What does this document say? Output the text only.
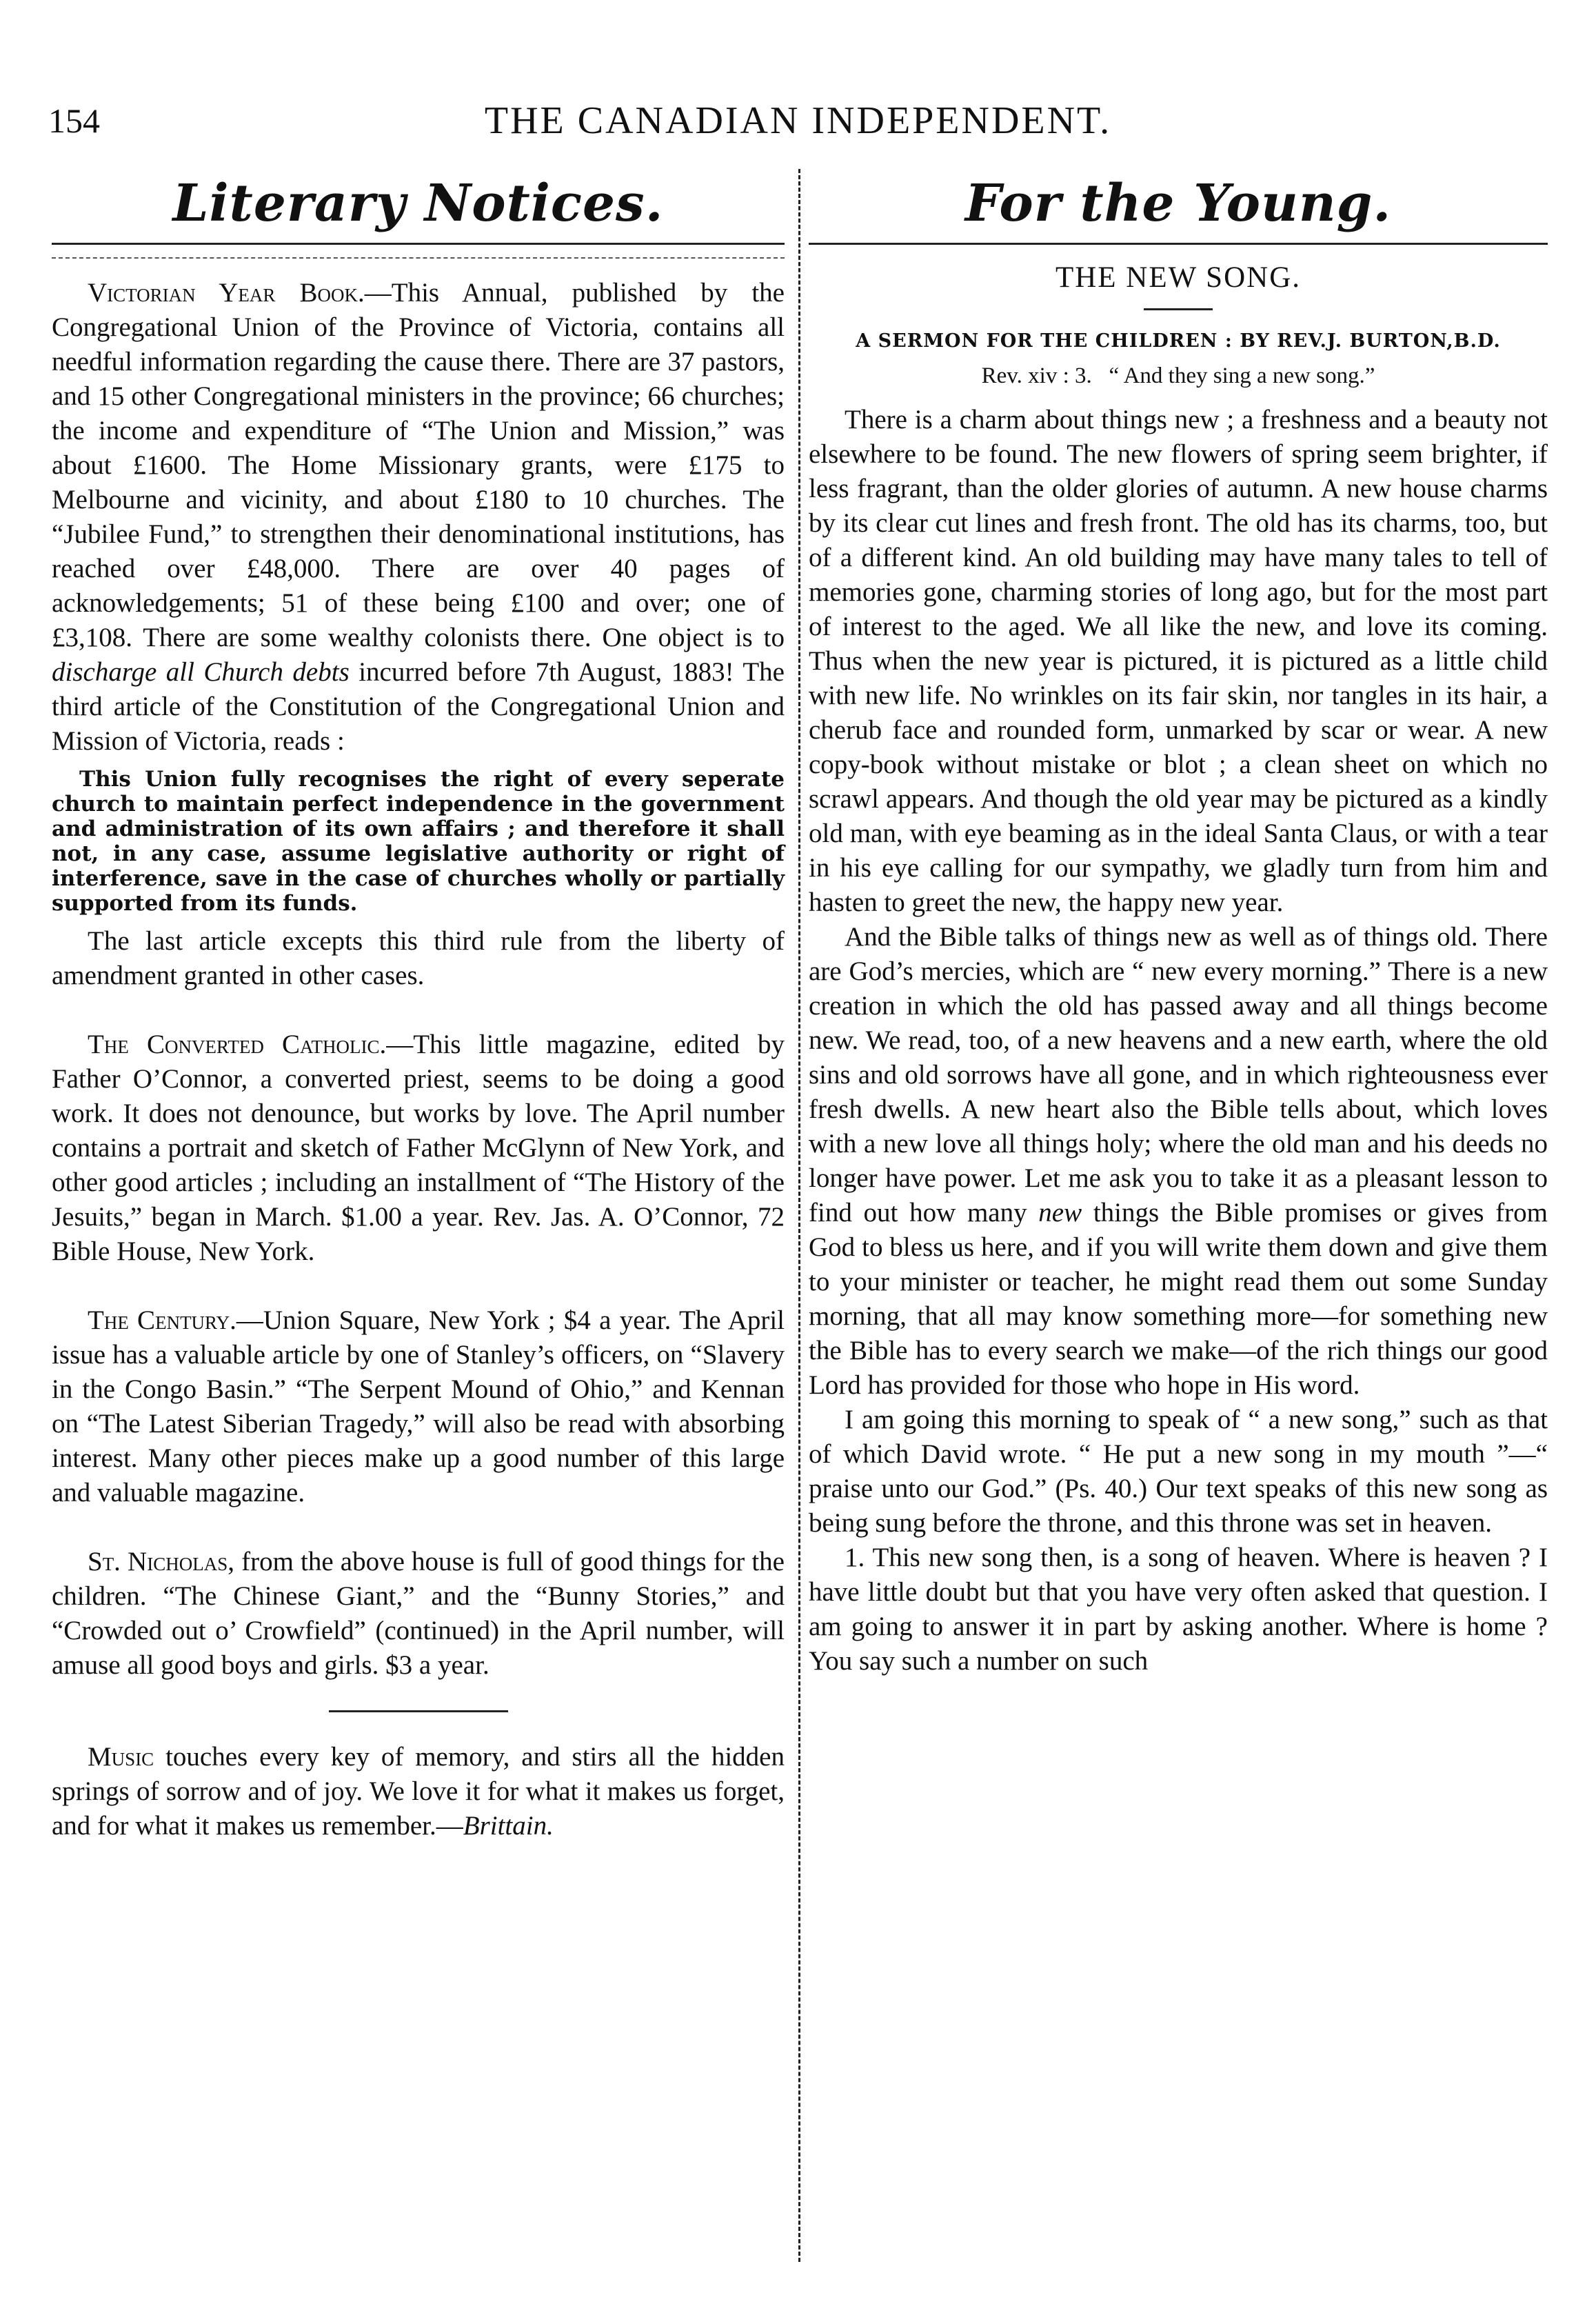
154	THE CANADIAN INDEPENDENT.
Literary Notices.

Victorian Year Book.—This Annual, published by the Congregational Union of the Province of Victoria, contains all needful information regarding the cause there. There are 37 pastors, and 15 other Congregational ministers in the province; 66 churches; the income and expenditure of “The Union and Mission,” was about £1600. The Home Missionary grants, were £175 to Melbourne and vicinity, and about £180 to 10 churches. The “Jubilee Fund,” to strengthen their denominational institutions, has reached over £48,000. There are over 40 pages of acknowledgements; 51 of these being £100 and over; one of £3,108. There are some wealthy colonists there. One object is to discharge all Church debts incurred before 7th August, 1883! The third article of the Constitution of the Congregational Union and Mission of Victoria, reads :

This Union fully recognises the right of every seperate church to maintain perfect independence in the government and administration of its own affairs ; and therefore it shall not, in any case, assume legislative authority or right of interference, save in the case of churches wholly or partially supported from its funds.

The last article excepts this third rule from the liberty of amendment granted in other cases.

The Converted Catholic.—This little magazine, edited by Father O’Connor, a converted priest, seems to be doing a good work. It does not denounce, but works by love. The April number contains a portrait and sketch of Father McGlynn of New York, and other good articles ; including an installment of “The History of the Jesuits,” began in March. $1.00 a year. Rev. Jas. A. O’Connor, 72 Bible House, New York.

The Century.—Union Square, New York ; $4 a year. The April issue has a valuable article by one of Stanley’s officers, on “Slavery in the Congo Basin.” “The Serpent Mound of Ohio,” and Kennan on “The Latest Siberian Tragedy,” will also be read with absorbing interest. Many other pieces make up a good number of this large and valuable magazine.

St. Nicholas, from the above house is full of good things for the children. “The Chinese Giant,” and the “Bunny Stories,” and “Crowded out o’ Crowfield” (continued) in the April number, will amuse all good boys and girls. $3 a year.

Music touches every key of memory, and stirs all the hidden springs of sorrow and of joy. We love it for what it makes us forget, and for what it makes us remember.—Brittain.

For the Young.
THE NEW SONG.
A SERMON FOR THE CHILDREN : BY REV.J. BURTON,B.D.
Rev. xiv : 3. “ And they sing a new song.”

There is a charm about things new ; a freshness and a beauty not elsewhere to be found. The new flowers of spring seem brighter, if less fragrant, than the older glories of autumn. A new house charms by its clear cut lines and fresh front. The old has its charms, too, but of a different kind. An old building may have many tales to tell of memories gone, charming stories of long ago, but for the most part of interest to the aged. We all like the new, and love its coming. Thus when the new year is pictured, it is pictured as a little child with new life. No wrinkles on its fair skin, nor tangles in its hair, a cherub face and rounded form, unmarked by scar or wear. A new copy-book without mistake or blot ; a clean sheet on which no scrawl appears. And though the old year may be pictured as a kindly old man, with eye beaming as in the ideal Santa Claus, or with a tear in his eye calling for our sympathy, we gladly turn from him and hasten to greet the new, the happy new year.

And the Bible talks of things new as well as of things old. There are God’s mercies, which are “ new every morning.” There is a new creation in which the old has passed away and all things become new. We read, too, of a new heavens and a new earth, where the old sins and old sorrows have all gone, and in which righteousness ever fresh dwells. A new heart also the Bible tells about, which loves with a new love all things holy; where the old man and his deeds no longer have power. Let me ask you to take it as a pleasant lesson to find out how many new things the Bible promises or gives from God to bless us here, and if you will write them down and give them to your minister or teacher, he might read them out some Sunday morning, that all may know something more—for something new the Bible has to every search we make—of the rich things our good Lord has provided for those who hope in His word.

I am going this morning to speak of “ a new song,” such as that of which David wrote. “ He put a new song in my mouth ”—“ praise unto our God.” (Ps. 40.) Our text speaks of this new song as being sung before the throne, and this throne was set in heaven.

1. This new song then, is a song of heaven. Where is heaven ? I have little doubt but that you have very often asked that question. I am going to answer it in part by asking another. Where is home ? You say such a number on such
